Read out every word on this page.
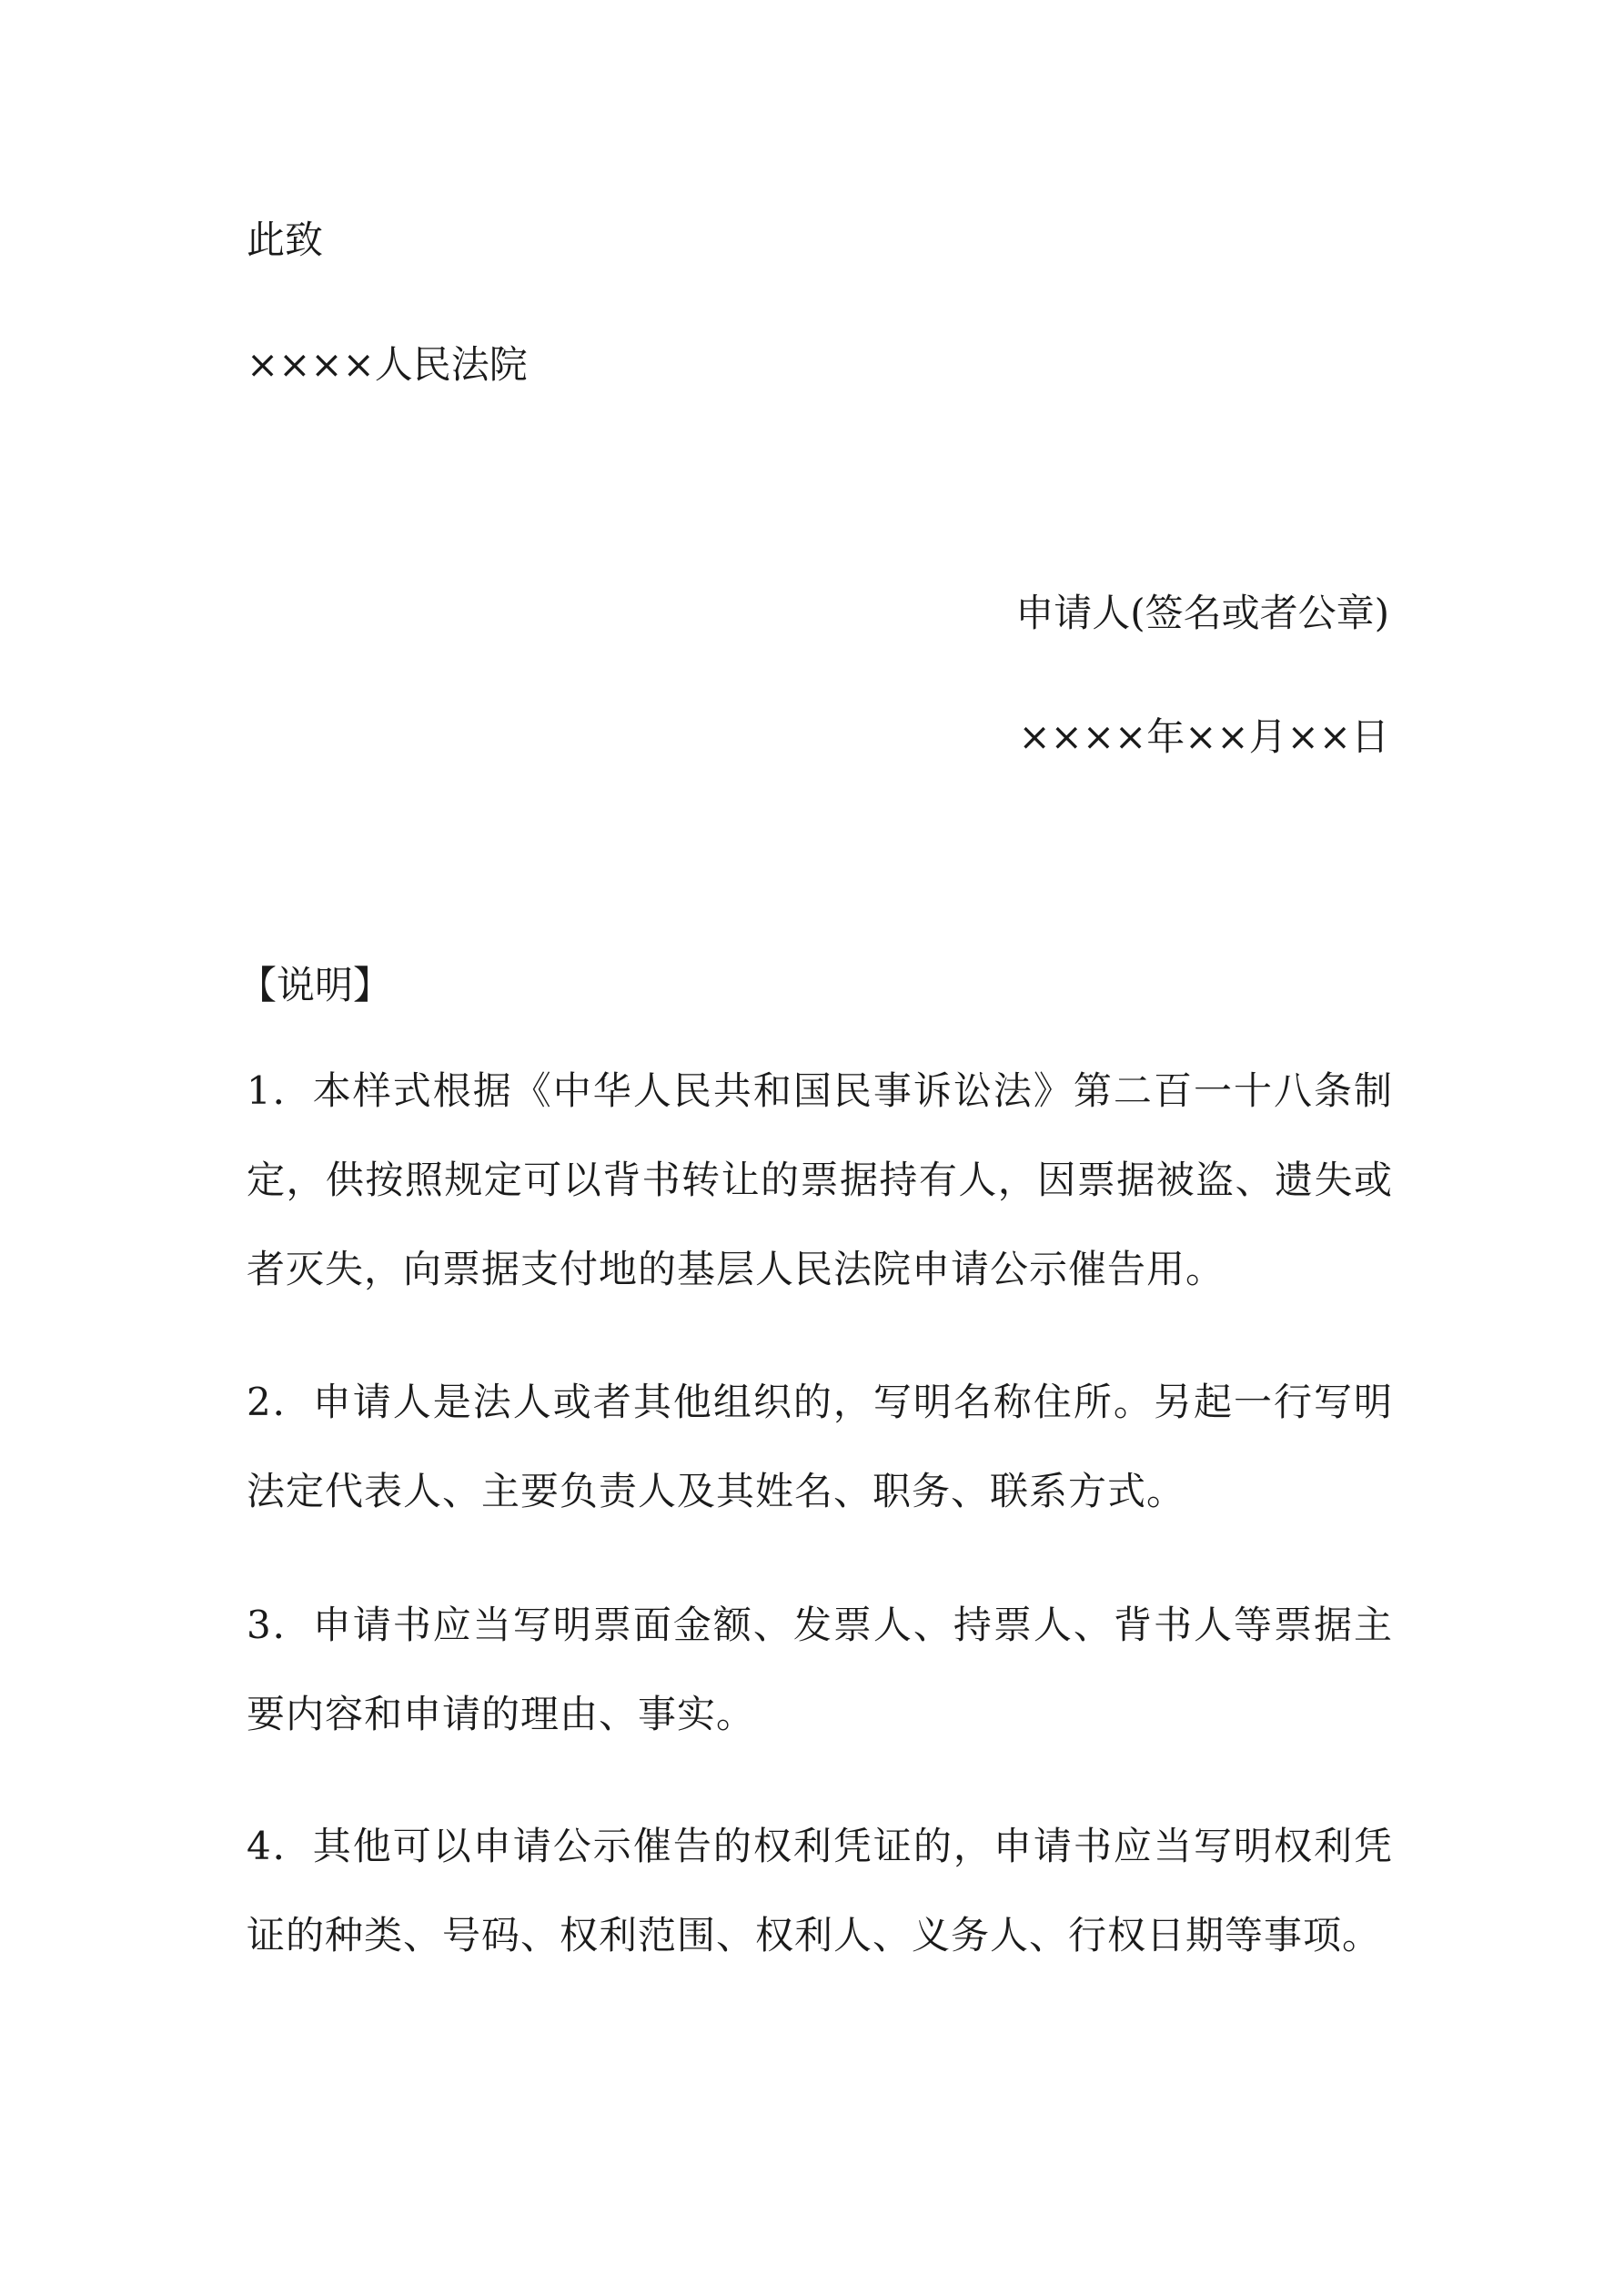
此致
××××人民法院
申请人(签名或者公章)
××××年××月××日
【说明】
1．本样式根据《中华人民共和国民事诉讼法》第二百一十八条制定，供按照规定可以背书转让的票据持有人，因票据被盗、遗失或者灭失，向票据支付地的基层人民法院申请公示催告用。
2．申请人是法人或者其他组织的，写明名称住所。另起一行写明法定代表人、主要负责人及其姓名、职务、联系方式。
3．申请书应当写明票面金额、发票人、持票人、背书人等票据主要内容和申请的理由、事实。
4．其他可以申请公示催告的权利凭证的，申请书应当写明权利凭证的种类、号码、权利范围、权利人、义务人、行权日期等事项。
